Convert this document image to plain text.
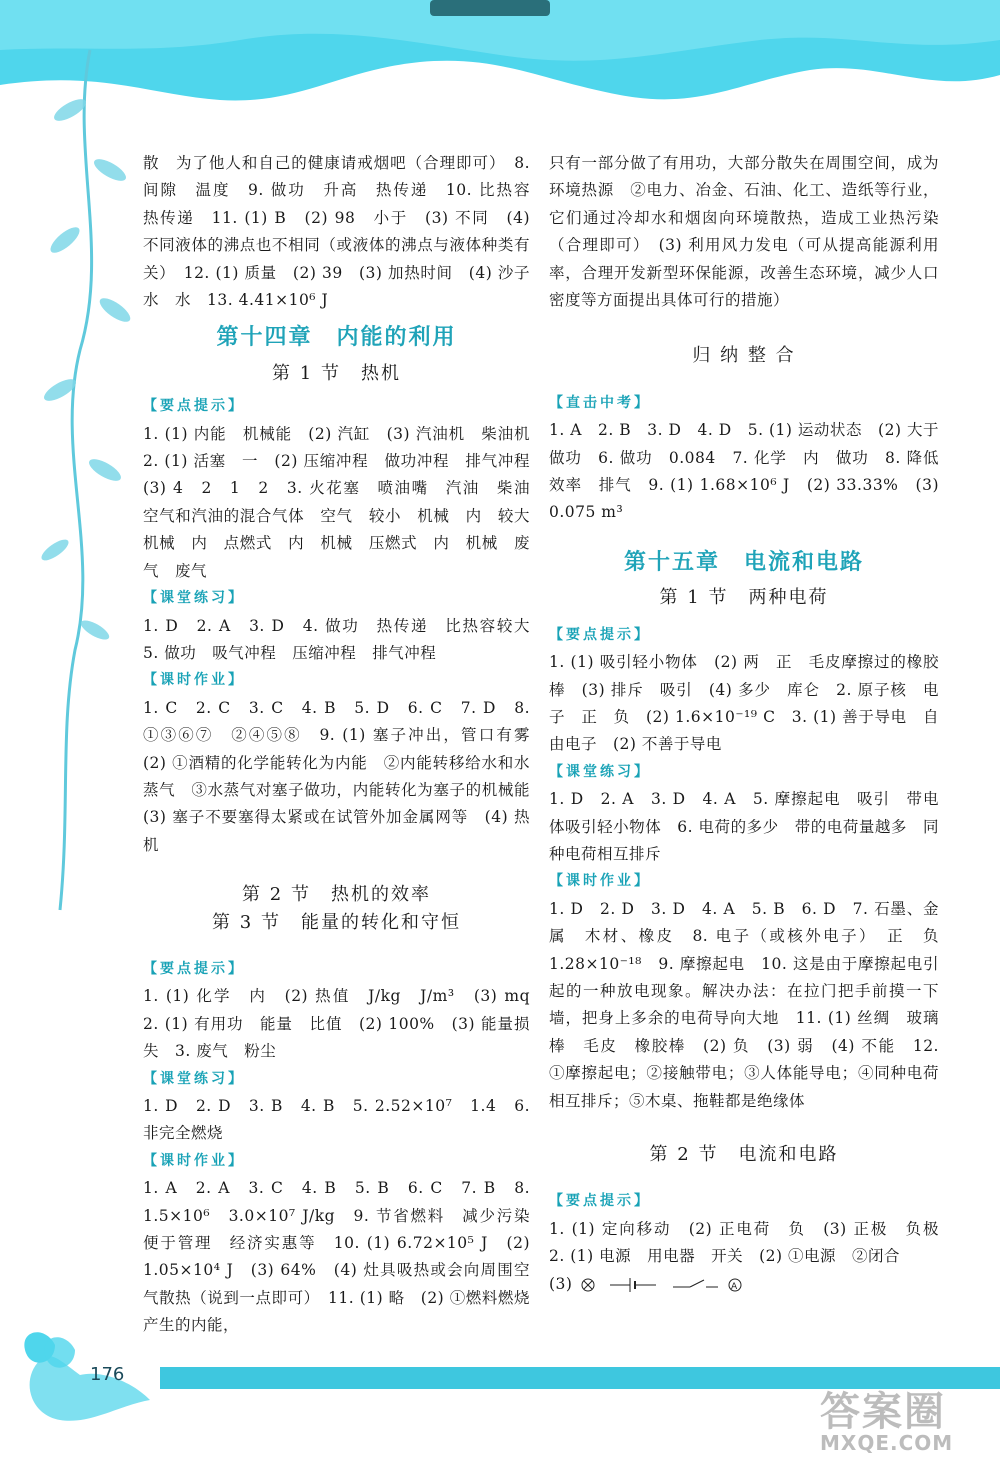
散　为了他人和自己的健康请戒烟吧（合理即可）　8. 间隙　温度　9. 做功　升高　热传递　10. 比热容　热传递　11. (1) B　(2) 98　小于　(3) 不同　(4) 不同液体的沸点也不相同（或液体的沸点与液体种类有关）　12. (1) 质量　(2) 39　(3) 加热时间　(4) 沙子　水　水　13. 4.41×10⁶ J

第十四章　内能的利用

第 1 节　热机

【要点提示】

1. (1) 内能　机械能　(2) 汽缸　(3) 汽油机　柴油机　2. (1) 活塞　一　(2) 压缩冲程　做功冲程　排气冲程　(3) 4　2　1　2　3. 火花塞　喷油嘴　汽油　柴油　空气和汽油的混合气体　空气　较小　机械　内　较大　机械　内　点燃式　内　机械　压燃式　内　机械　废气　废气

【课堂练习】

1. D　2. A　3. D　4. 做功　热传递　比热容较大　5. 做功　吸气冲程　压缩冲程　排气冲程

【课时作业】

1. C　2. C　3. C　4. B　5. D　6. C　7. D　8. ①③⑥⑦　②④⑤⑧　9. (1) 塞子冲出，管口有雾　(2) ①酒精的化学能转化为内能　②内能转移给水和水蒸气　③水蒸气对塞子做功，内能转化为塞子的机械能　(3) 塞子不要塞得太紧或在试管外加金属网等　(4) 热机

第 2 节　热机的效率

第 3 节　能量的转化和守恒

【要点提示】

1. (1) 化学　内　(2) 热值　J/kg　J/m³　(3) mq　2. (1) 有用功　能量　比值　(2) 100%　(3) 能量损失　3. 废气　粉尘

【课堂练习】

1. D　2. D　3. B　4. B　5. 2.52×10⁷　1.4　6. 非完全燃烧

【课时作业】

1. A　2. A　3. C　4. B　5. B　6. C　7. B　8. 1.5×10⁶　3.0×10⁷ J/kg　9. 节省燃料　减少污染　便于管理　经济实惠等　10. (1) 6.72×10⁵ J　(2) 1.05×10⁴ J　(3) 64%　(4) 灶具吸热或会向周围空气散热（说到一点即可）　11. (1) 略　(2) ①燃料燃烧产生的内能，

只有一部分做了有用功，大部分散失在周围空间，成为环境热源　②电力、冶金、石油、化工、造纸等行业，它们通过冷却水和烟囱向环境散热，造成工业热污染（合理即可）　(3) 利用风力发电（可从提高能源利用率，合理开发新型环保能源，改善生态环境，减少人口密度等方面提出具体可行的措施）

归 纳 整 合

【直击中考】

1. A　2. B　3. D　4. D　5. (1) 运动状态　(2) 大于　做功　6. 做功　0.084　7. 化学　内　做功　8. 降低　效率　排气　9. (1) 1.68×10⁶ J　(2) 33.33%　(3) 0.075 m³

第十五章　电流和电路

第 1 节　两种电荷

【要点提示】

1. (1) 吸引轻小物体　(2) 两　正　毛皮摩擦过的橡胶棒　(3) 排斥　吸引　(4) 多少　库仑　2. 原子核　电子　正　负　(2) 1.6×10⁻¹⁹ C　3. (1) 善于导电　自由电子　(2) 不善于导电

【课堂练习】

1. D　2. A　3. D　4. A　5. 摩擦起电　吸引　带电体吸引轻小物体　6. 电荷的多少　带的电荷量越多　同种电荷相互排斥

【课时作业】

1. D　2. D　3. D　4. A　5. B　6. D　7. 石墨、金属　木材、橡皮　8. 电子（或核外电子）　正　负　1.28×10⁻¹⁸　9. 摩擦起电　10. 这是由于摩擦起电引起的一种放电现象。解决办法：在拉门把手前摸一下墙，把身上多余的电荷导向大地　11. (1) 丝绸　玻璃棒　毛皮　橡胶棒　(2) 负　(3) 弱　(4) 不能　12. ①摩擦起电；②接触带电；③人体能导电；④同种电荷相互排斥；⑤木桌、拖鞋都是绝缘体

第 2 节　电流和电路

【要点提示】

1. (1) 定向移动　(2) 正电荷　负　(3) 正极　负极　2. (1) 电源　用电器　开关　(2) ①电源　②闭合

(3)	A

176
答案圈
MXQE.COM
